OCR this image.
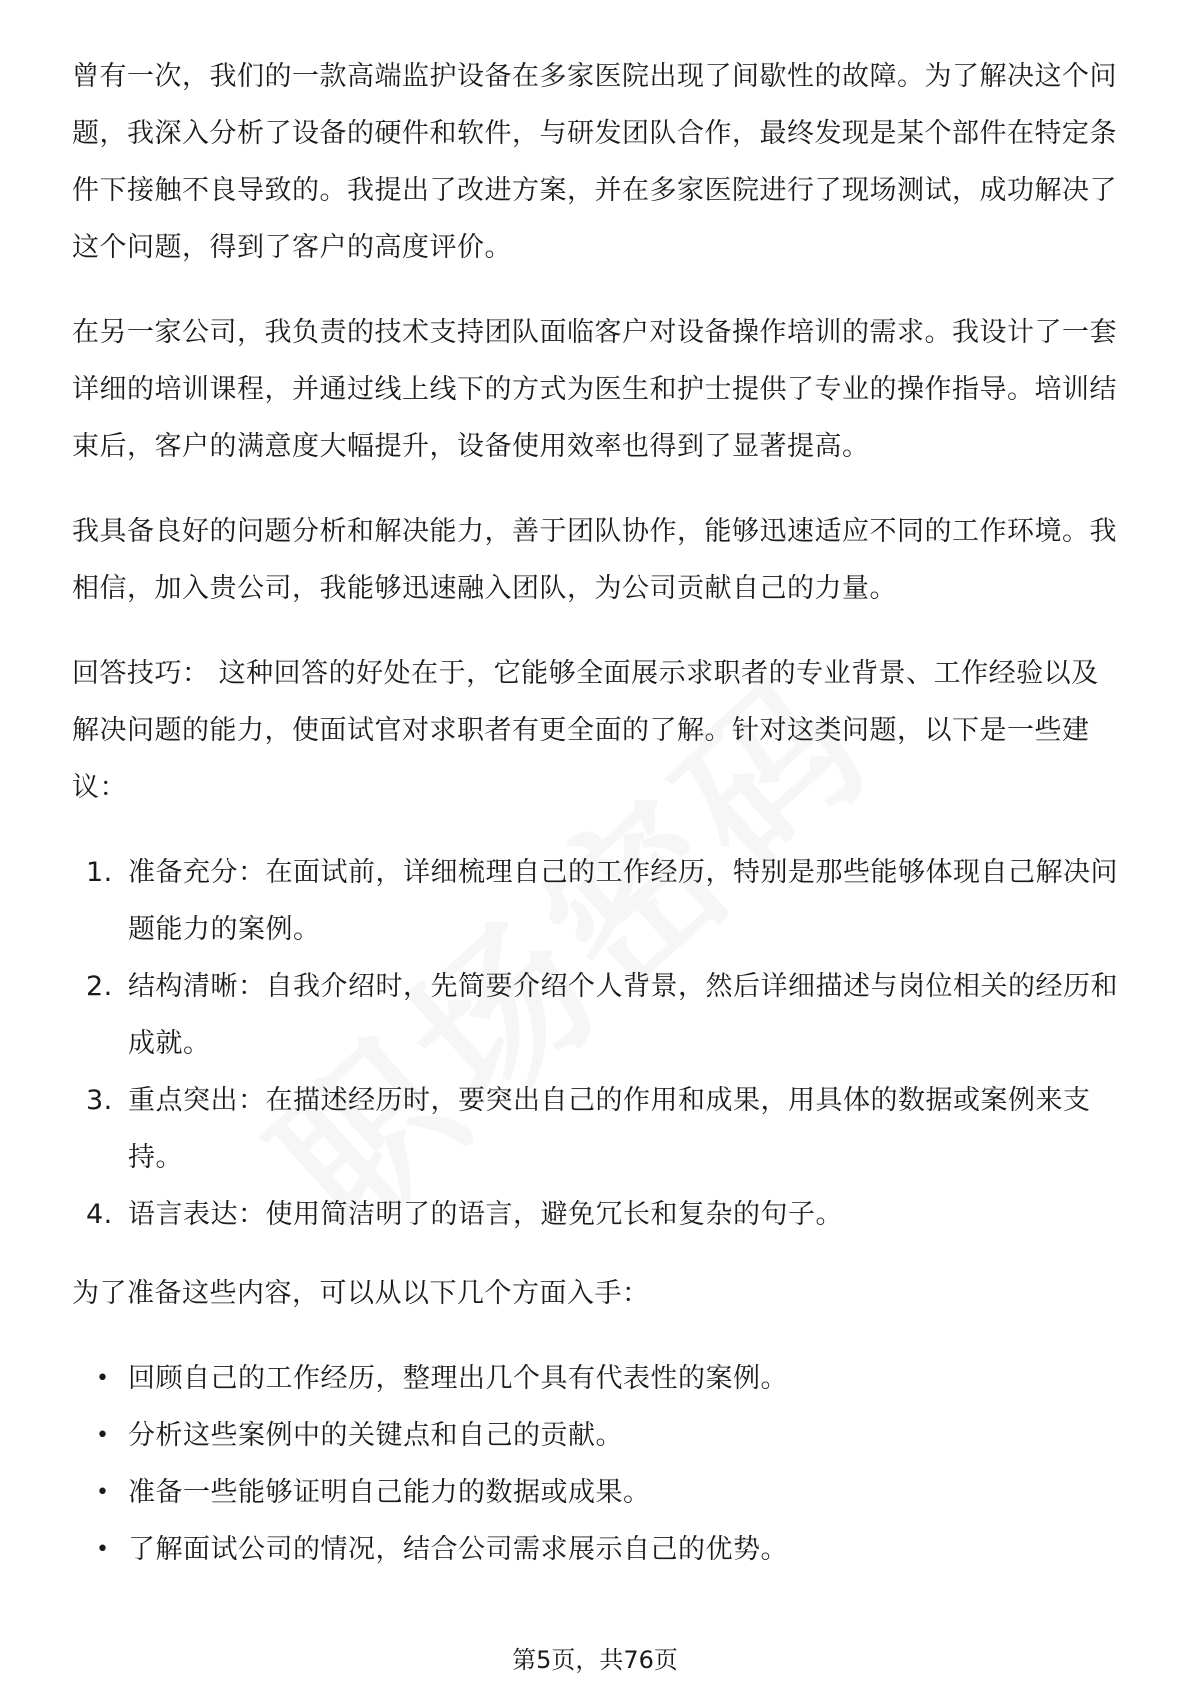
曾有一次，我们的一款高端监护设备在多家医院出现了间歇性的故障。为了解决这个问题，我深入分析了设备的硬件和软件，与研发团队合作，最终发现是某个部件在特定条件下接触不良导致的。我提出了改进方案，并在多家医院进行了现场测试，成功解决了这个问题，得到了客户的高度评价。

在另一家公司，我负责的技术支持团队面临客户对设备操作培训的需求。我设计了一套详细的培训课程，并通过线上线下的方式为医生和护士提供了专业的操作指导。培训结束后，客户的满意度大幅提升，设备使用效率也得到了显著提高。

我具备良好的问题分析和解决能力，善于团队协作，能够迅速适应不同的工作环境。我相信，加入贵公司，我能够迅速融入团队，为公司贡献自己的力量。

回答技巧： 这种回答的好处在于，它能够全面展示求职者的专业背景、工作经验以及解决问题的能力，使面试官对求职者有更全面的了解。针对这类问题，以下是一些建议：

1. 准备充分：在面试前，详细梳理自己的工作经历，特别是那些能够体现自己解决问题能力的案例。
2. 结构清晰：自我介绍时，先简要介绍个人背景，然后详细描述与岗位相关的经历和成就。
3. 重点突出：在描述经历时，要突出自己的作用和成果，用具体的数据或案例来支持。
4. 语言表达：使用简洁明了的语言，避免冗长和复杂的句子。

为了准备这些内容，可以从以下几个方面入手：

• 回顾自己的工作经历，整理出几个具有代表性的案例。
• 分析这些案例中的关键点和自己的贡献。
• 准备一些能够证明自己能力的数据或成果。
• 了解面试公司的情况，结合公司需求展示自己的优势。
第5页，共76页
